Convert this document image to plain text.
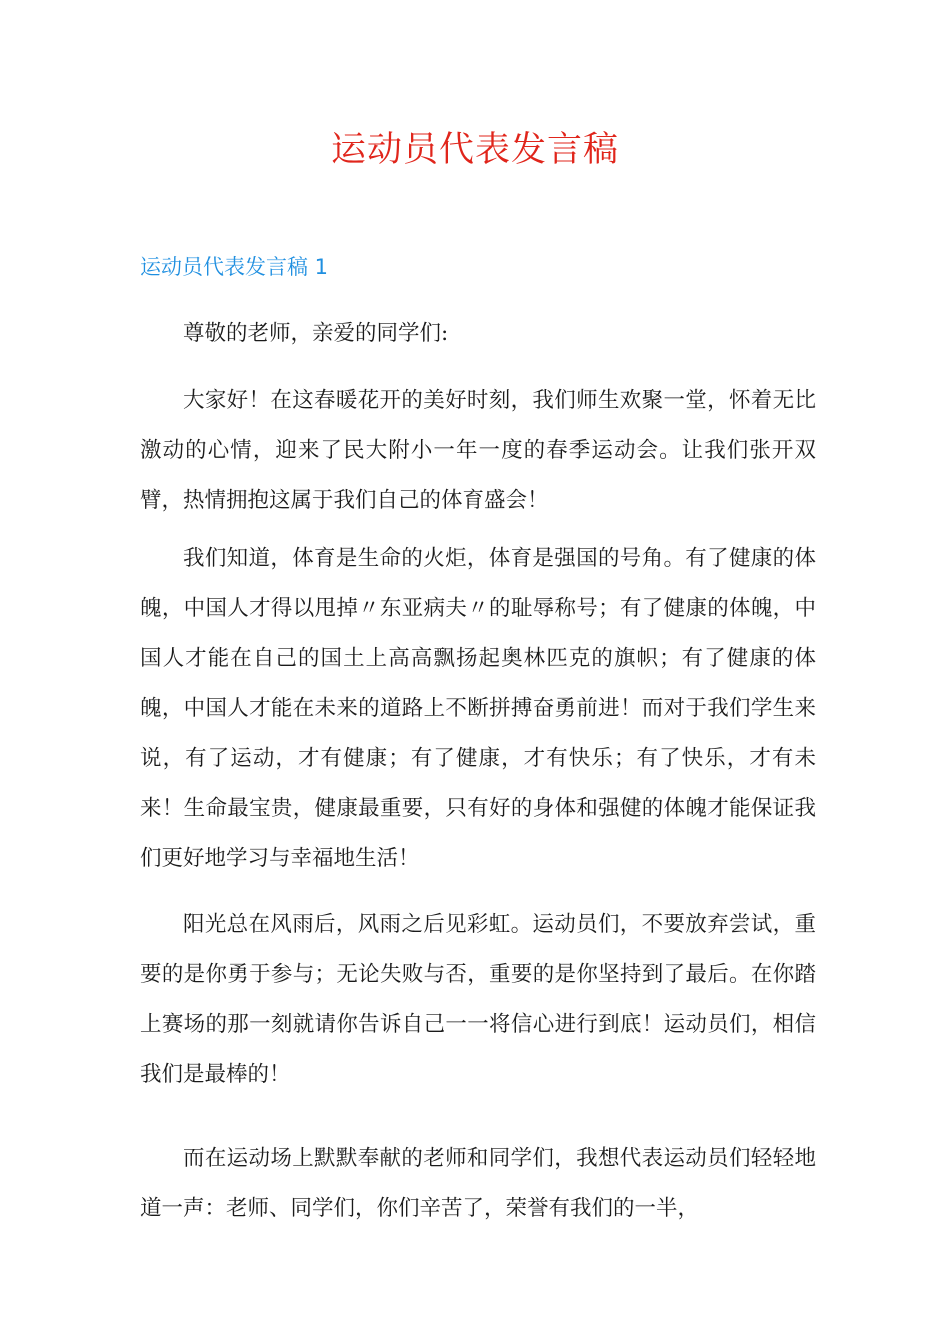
运动员代表发言稿
运动员代表发言稿 1

尊敬的老师，亲爱的同学们:

大家好！在这春暖花开的美好时刻，我们师生欢聚一堂，怀着无比激动的心情，迎来了民大附小一年一度的春季运动会。让我们张开双臂，热情拥抱这属于我们自己的体育盛会！

我们知道，体育是生命的火炬，体育是强国的号角。有了健康的体魄，中国人才得以甩掉〃东亚病夫〃的耻辱称号；有了健康的体魄，中国人才能在自己的国土上高高飘扬起奥林匹克的旗帜；有了健康的体魄，中国人才能在未来的道路上不断拼搏奋勇前进！而对于我们学生来说，有了运动，才有健康；有了健康，才有快乐；有了快乐，才有未来！生命最宝贵，健康最重要，只有好的身体和强健的体魄才能保证我们更好地学习与幸福地生活！

阳光总在风雨后，风雨之后见彩虹。运动员们，不要放弃尝试，重要的是你勇于参与；无论失败与否，重要的是你坚持到了最后。在你踏上赛场的那一刻就请你告诉自己一一将信心进行到底！运动员们，相信我们是最棒的！

而在运动场上默默奉献的老师和同学们，我想代表运动员们轻轻地道一声：老师、同学们，你们辛苦了，荣誉有我们的一半，
